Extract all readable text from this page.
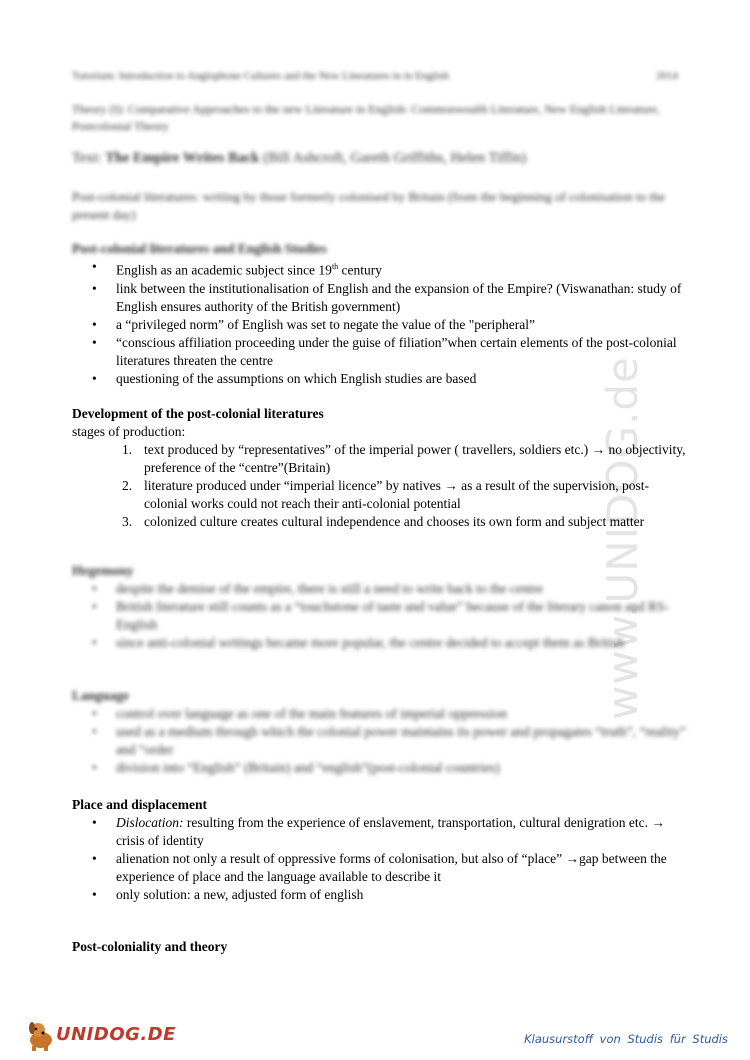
www.UNIDOG.de
Tutorium: Introduction to Anglophone Cultures and the New Literatures in in English	2014
Theory (I): Comparative Approaches to the new Literature in English: Commonwealth Literature, New English Literature, Postcolonial Theory
Text: The Empire Writes Back (Bill Ashcroft, Gareth Griffiths, Helen Tiffin)
Post-colonial literatures: writing by those formerly colonised by Britain (from the beginning of colonisation to the present day)
Post-colonial literatures and English Studies
• English as an academic subject since 19th century
• link between the institutionalisation of English and the expansion of the Empire? (Viswanathan: study of English ensures authority of the British government)
• a “privileged norm” of English was set to negate the value of the "peripheral”
• “conscious affiliation proceeding under the guise of filiation”when certain elements of the post-colonial literatures threaten the centre
• questioning of the assumptions on which English studies are based
Development of the post-colonial literatures

stages of production:

1. text produced by “representatives” of the imperial power ( travellers, soldiers etc.) → no objectivity, preference of the “centre”(Britain)
2. literature produced under “imperial licence” by natives → as a result of the supervision, post-colonial works could not reach their anti-colonial potential
3. colonized culture creates cultural independence and chooses its own form and subject matter
Hegemony
• despite the demise of the empire, there is still a need to write back to the centre
• British literature still counts as a “touchstone of taste and value” because of the literary canon and RS-English
• since anti-colonial writings became more popular, the centre decided to accept them as British
Language
• control over language as one of the main features of imperial oppression
• used as a medium through which the colonial power maintains its power and propagates “truth”, “reality” and “order
• division into “English” (Britain) and “english”(post-colonial countries)
Place and displacement
• Dislocation: resulting from the experience of enslavement, transportation, cultural denigration etc. → crisis of identity
• alienation not only a result of oppressive forms of colonisation, but also of “place” →gap between the experience of place and the language available to describe it
• only solution: a new, adjusted form of english
Post-coloniality and theory
UNIDOG.DE	Klausurstoff von Studis für Studis
